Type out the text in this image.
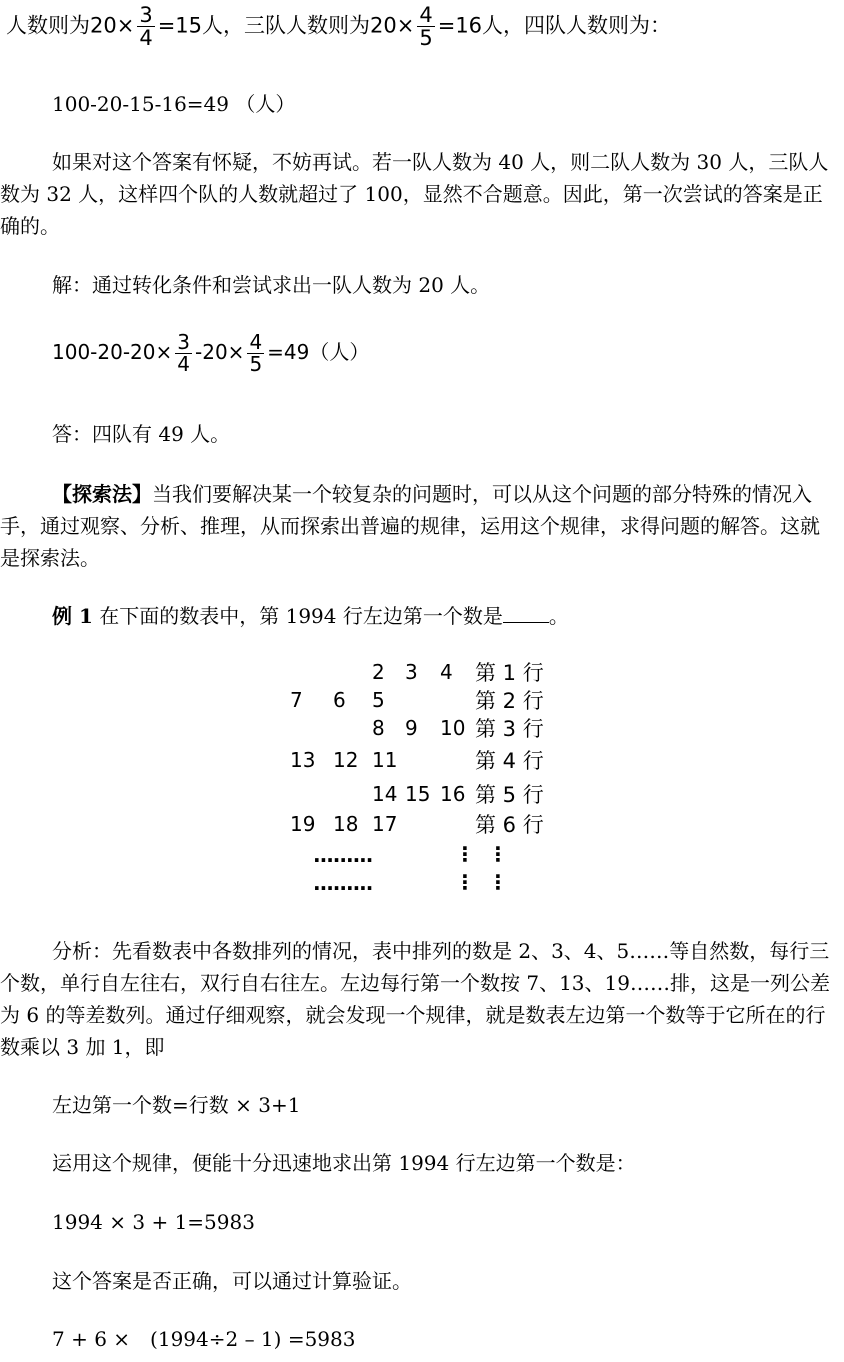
人数则为$20\times \frac{3}{4} =15$人，三队人数则为$20\times \frac{4}{5} =16$人，四队人数则为：

100-20-15-16=49 （人）

如果对这个答案有怀疑，不妨再试。若一队人数为 40 人，则二队人数为 30 人，三队人数为 32 人，这样四个队的人数就超过了 100，显然不合题意。因此，第一次尝试的答案是正确的。

解：通过转化条件和尝试求出一队人数为 20 人。

$100-20-20\times \frac{3}{4} -20\times \frac{4}{5} =49$（人）

答：四队有 49 人。

【探索法】当我们要解决某一个较复杂的问题时，可以从这个问题的部分特殊的情况入手，通过观察、分析、推理，从而探索出普遍的规律，运用这个规律，求得问题的解答。这就是探索法。

例 1 在下面的数表中，第 1994 行左边第一个数是 。

2 3 4 第 1 行
7 6 5	第 2 行
8 9 10 第 3 行
13 12 11	第 4 行
14 15 16 第 5 行
19 18 17	第 6 行
·········	⋮ ⋮
·········	⋮ ⋮

分析：先看数表中各数排列的情况，表中排列的数是 2、3、4、5……等自然数，每行三个数，单行自左往右，双行自右往左。左边每行第一个数按 7、13、19……排，这是一列公差为 6 的等差数列。通过仔细观察，就会发现一个规律，就是数表左边第一个数等于它所在的行数乘以 3 加 1，即

左边第一个数=行数 × 3+1

运用这个规律，便能十分迅速地求出第 1994 行左边第一个数是：

1994 × 3 + 1=5983

这个答案是否正确，可以通过计算验证。

7 + 6 ×　(1994÷2 – 1) =5983
